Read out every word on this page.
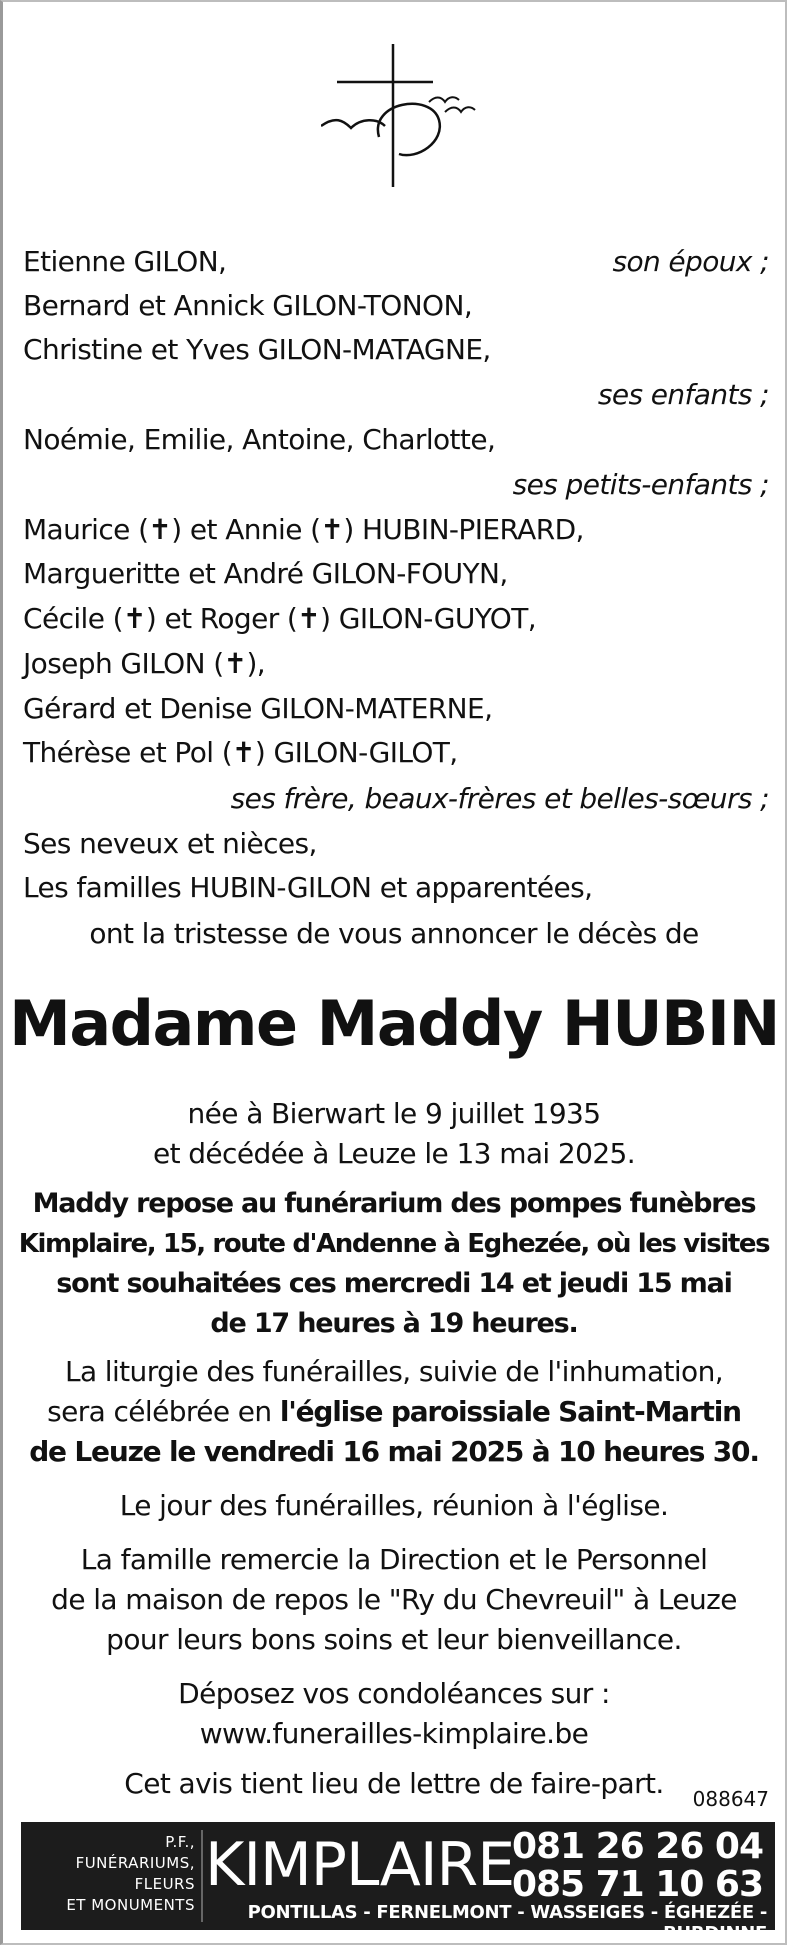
Etienne GILON,	son époux ;
Bernard et Annick GILON-TONON,
Christine et Yves GILON-MATAGNE,
ses enfants ;
Noémie, Emilie, Antoine, Charlotte,
ses petits-enfants ;
Maurice (✝) et Annie (✝) HUBIN-PIERARD,
Margueritte et André GILON-FOUYN,
Cécile (✝) et Roger (✝) GILON-GUYOT,
Joseph GILON (✝),
Gérard et Denise GILON-MATERNE,
Thérèse et Pol (✝) GILON-GILOT,
ses frère, beaux-frères et belles-sœurs ;
Ses neveux et nièces,
Les familles HUBIN-GILON et apparentées,
ont la tristesse de vous annoncer le décès de
Madame Maddy HUBIN
née à Bierwart le 9 juillet 1935
et décédée à Leuze le 13 mai 2025.
Maddy repose au funérarium des pompes funèbres
Kimplaire, 15, route d'Andenne à Eghezée, où les visites
sont souhaitées ces mercredi 14 et jeudi 15 mai
de 17 heures à 19 heures.
La liturgie des funérailles, suivie de l'inhumation,
sera célébrée en l'église paroissiale Saint-Martin
de Leuze le vendredi 16 mai 2025 à 10 heures 30.
Le jour des funérailles, réunion à l'église.
La famille remercie la Direction et le Personnel
de la maison de repos le "Ry du Chevreuil" à Leuze
pour leurs bons soins et leur bienveillance.
Déposez vos condoléances sur :
www.funerailles-kimplaire.be
Cet avis tient lieu de lettre de faire-part.	088647
P.F.,
FUNÉRARIUMS,
FLEURS
ET MONUMENTS
KIMPLAIRE
081 26 26 04
085 71 10 63
PONTILLAS - FERNELMONT - WASSEIGES - ÉGHEZÉE - BURDINNE
